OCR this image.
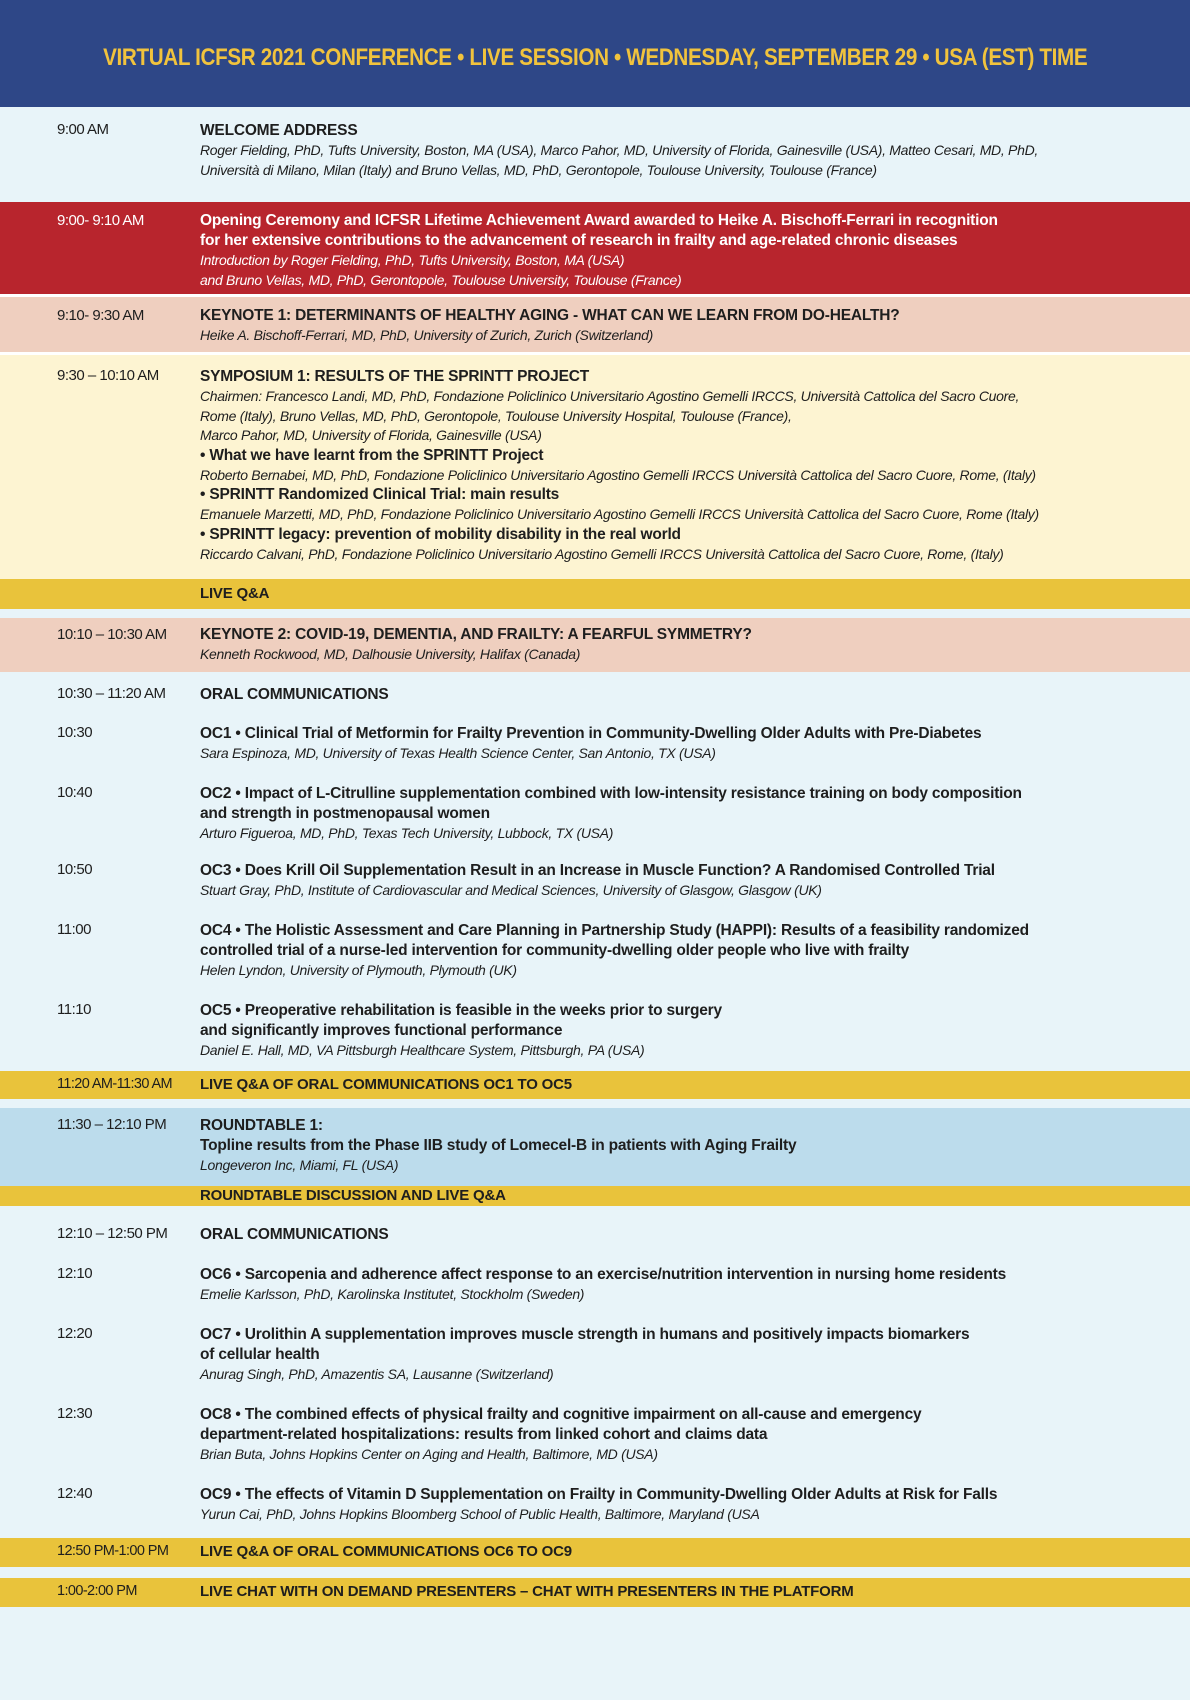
VIRTUAL ICFSR 2021 CONFERENCE • LIVE SESSION • WEDNESDAY, SEPTEMBER 29 • USA (EST) TIME
9:00 AM	WELCOME ADDRESS
Roger Fielding, PhD, Tufts University, Boston, MA (USA), Marco Pahor, MD, University of Florida, Gainesville (USA), Matteo Cesari, MD, PhD,
Università di Milano, Milan (Italy) and Bruno Vellas, MD, PhD, Gerontopole, Toulouse University, Toulouse (France)
9:00- 9:10 AM	Opening Ceremony and ICFSR Lifetime Achievement Award awarded to Heike A. Bischoff-Ferrari in recognition
for her extensive contributions to the advancement of research in frailty and age-related chronic diseases
Introduction by Roger Fielding, PhD, Tufts University, Boston, MA (USA)
and Bruno Vellas, MD, PhD, Gerontopole, Toulouse University, Toulouse (France)
9:10- 9:30 AM	KEYNOTE 1: DETERMINANTS OF HEALTHY AGING - WHAT CAN WE LEARN FROM DO-HEALTH?
Heike A. Bischoff-Ferrari, MD, PhD, University of Zurich, Zurich (Switzerland)
9:30 – 10:10 AM	SYMPOSIUM 1: RESULTS OF THE SPRINTT PROJECT
Chairmen: Francesco Landi, MD, PhD, Fondazione Policlinico Universitario Agostino Gemelli IRCCS, Università Cattolica del Sacro Cuore,
Rome (Italy), Bruno Vellas, MD, PhD, Gerontopole, Toulouse University Hospital, Toulouse (France),
Marco Pahor, MD, University of Florida, Gainesville (USA)
• What we have learnt from the SPRINTT Project
Roberto Bernabei, MD, PhD, Fondazione Policlinico Universitario Agostino Gemelli IRCCS Università Cattolica del Sacro Cuore, Rome, (Italy)
• SPRINTT Randomized Clinical Trial: main results
Emanuele Marzetti, MD, PhD, Fondazione Policlinico Universitario Agostino Gemelli IRCCS Università Cattolica del Sacro Cuore, Rome (Italy)
• SPRINTT legacy: prevention of mobility disability in the real world
Riccardo Calvani, PhD, Fondazione Policlinico Universitario Agostino Gemelli IRCCS Università Cattolica del Sacro Cuore, Rome, (Italy)
LIVE Q&A
10:10 – 10:30 AM KEYNOTE 2: COVID-19, DEMENTIA, AND FRAILTY: A FEARFUL SYMMETRY?
Kenneth Rockwood, MD, Dalhousie University, Halifax (Canada)
10:30 – 11:20 AM ORAL COMMUNICATIONS
10:30	OC1 • Clinical Trial of Metformin for Frailty Prevention in Community-Dwelling Older Adults with Pre-Diabetes
Sara Espinoza, MD, University of Texas Health Science Center, San Antonio, TX (USA)
10:40	OC2 • Impact of L-Citrulline supplementation combined with low-intensity resistance training on body composition
and strength in postmenopausal women
Arturo Figueroa, MD, PhD, Texas Tech University, Lubbock, TX (USA)
10:50	OC3 • Does Krill Oil Supplementation Result in an Increase in Muscle Function? A Randomised Controlled Trial
Stuart Gray, PhD, Institute of Cardiovascular and Medical Sciences, University of Glasgow, Glasgow (UK)
11:00	OC4 • The Holistic Assessment and Care Planning in Partnership Study (HAPPI): Results of a feasibility randomized
controlled trial of a nurse-led intervention for community-dwelling older people who live with frailty
Helen Lyndon, University of Plymouth, Plymouth (UK)
11:10	OC5 • Preoperative rehabilitation is feasible in the weeks prior to surgery
and significantly improves functional performance
Daniel E. Hall, MD, VA Pittsburgh Healthcare System, Pittsburgh, PA (USA)
11:20 AM-11:30 AM LIVE Q&A OF ORAL COMMUNICATIONS OC1 TO OC5
11:30 – 12:10 PM ROUNDTABLE 1:
Topline results from the Phase IIB study of Lomecel-B in patients with Aging Frailty
Longeveron Inc, Miami, FL (USA)
ROUNDTABLE DISCUSSION AND LIVE Q&A
12:10 – 12:50 PM ORAL COMMUNICATIONS
12:10	OC6 • Sarcopenia and adherence affect response to an exercise/nutrition intervention in nursing home residents
Emelie Karlsson, PhD, Karolinska Institutet, Stockholm (Sweden)
12:20	OC7 • Urolithin A supplementation improves muscle strength in humans and positively impacts biomarkers
of cellular health
Anurag Singh, PhD, Amazentis SA, Lausanne (Switzerland)
12:30	OC8 • The combined effects of physical frailty and cognitive impairment on all-cause and emergency
department-related hospitalizations: results from linked cohort and claims data
Brian Buta, Johns Hopkins Center on Aging and Health, Baltimore, MD (USA)
12:40	OC9 • The effects of Vitamin D Supplementation on Frailty in Community-Dwelling Older Adults at Risk for Falls
Yurun Cai, PhD, Johns Hopkins Bloomberg School of Public Health, Baltimore, Maryland (USA
12:50 PM-1:00 PM LIVE Q&A OF ORAL COMMUNICATIONS OC6 TO OC9
1:00-2:00 PM	LIVE CHAT WITH ON DEMAND PRESENTERS – CHAT WITH PRESENTERS IN THE PLATFORM
